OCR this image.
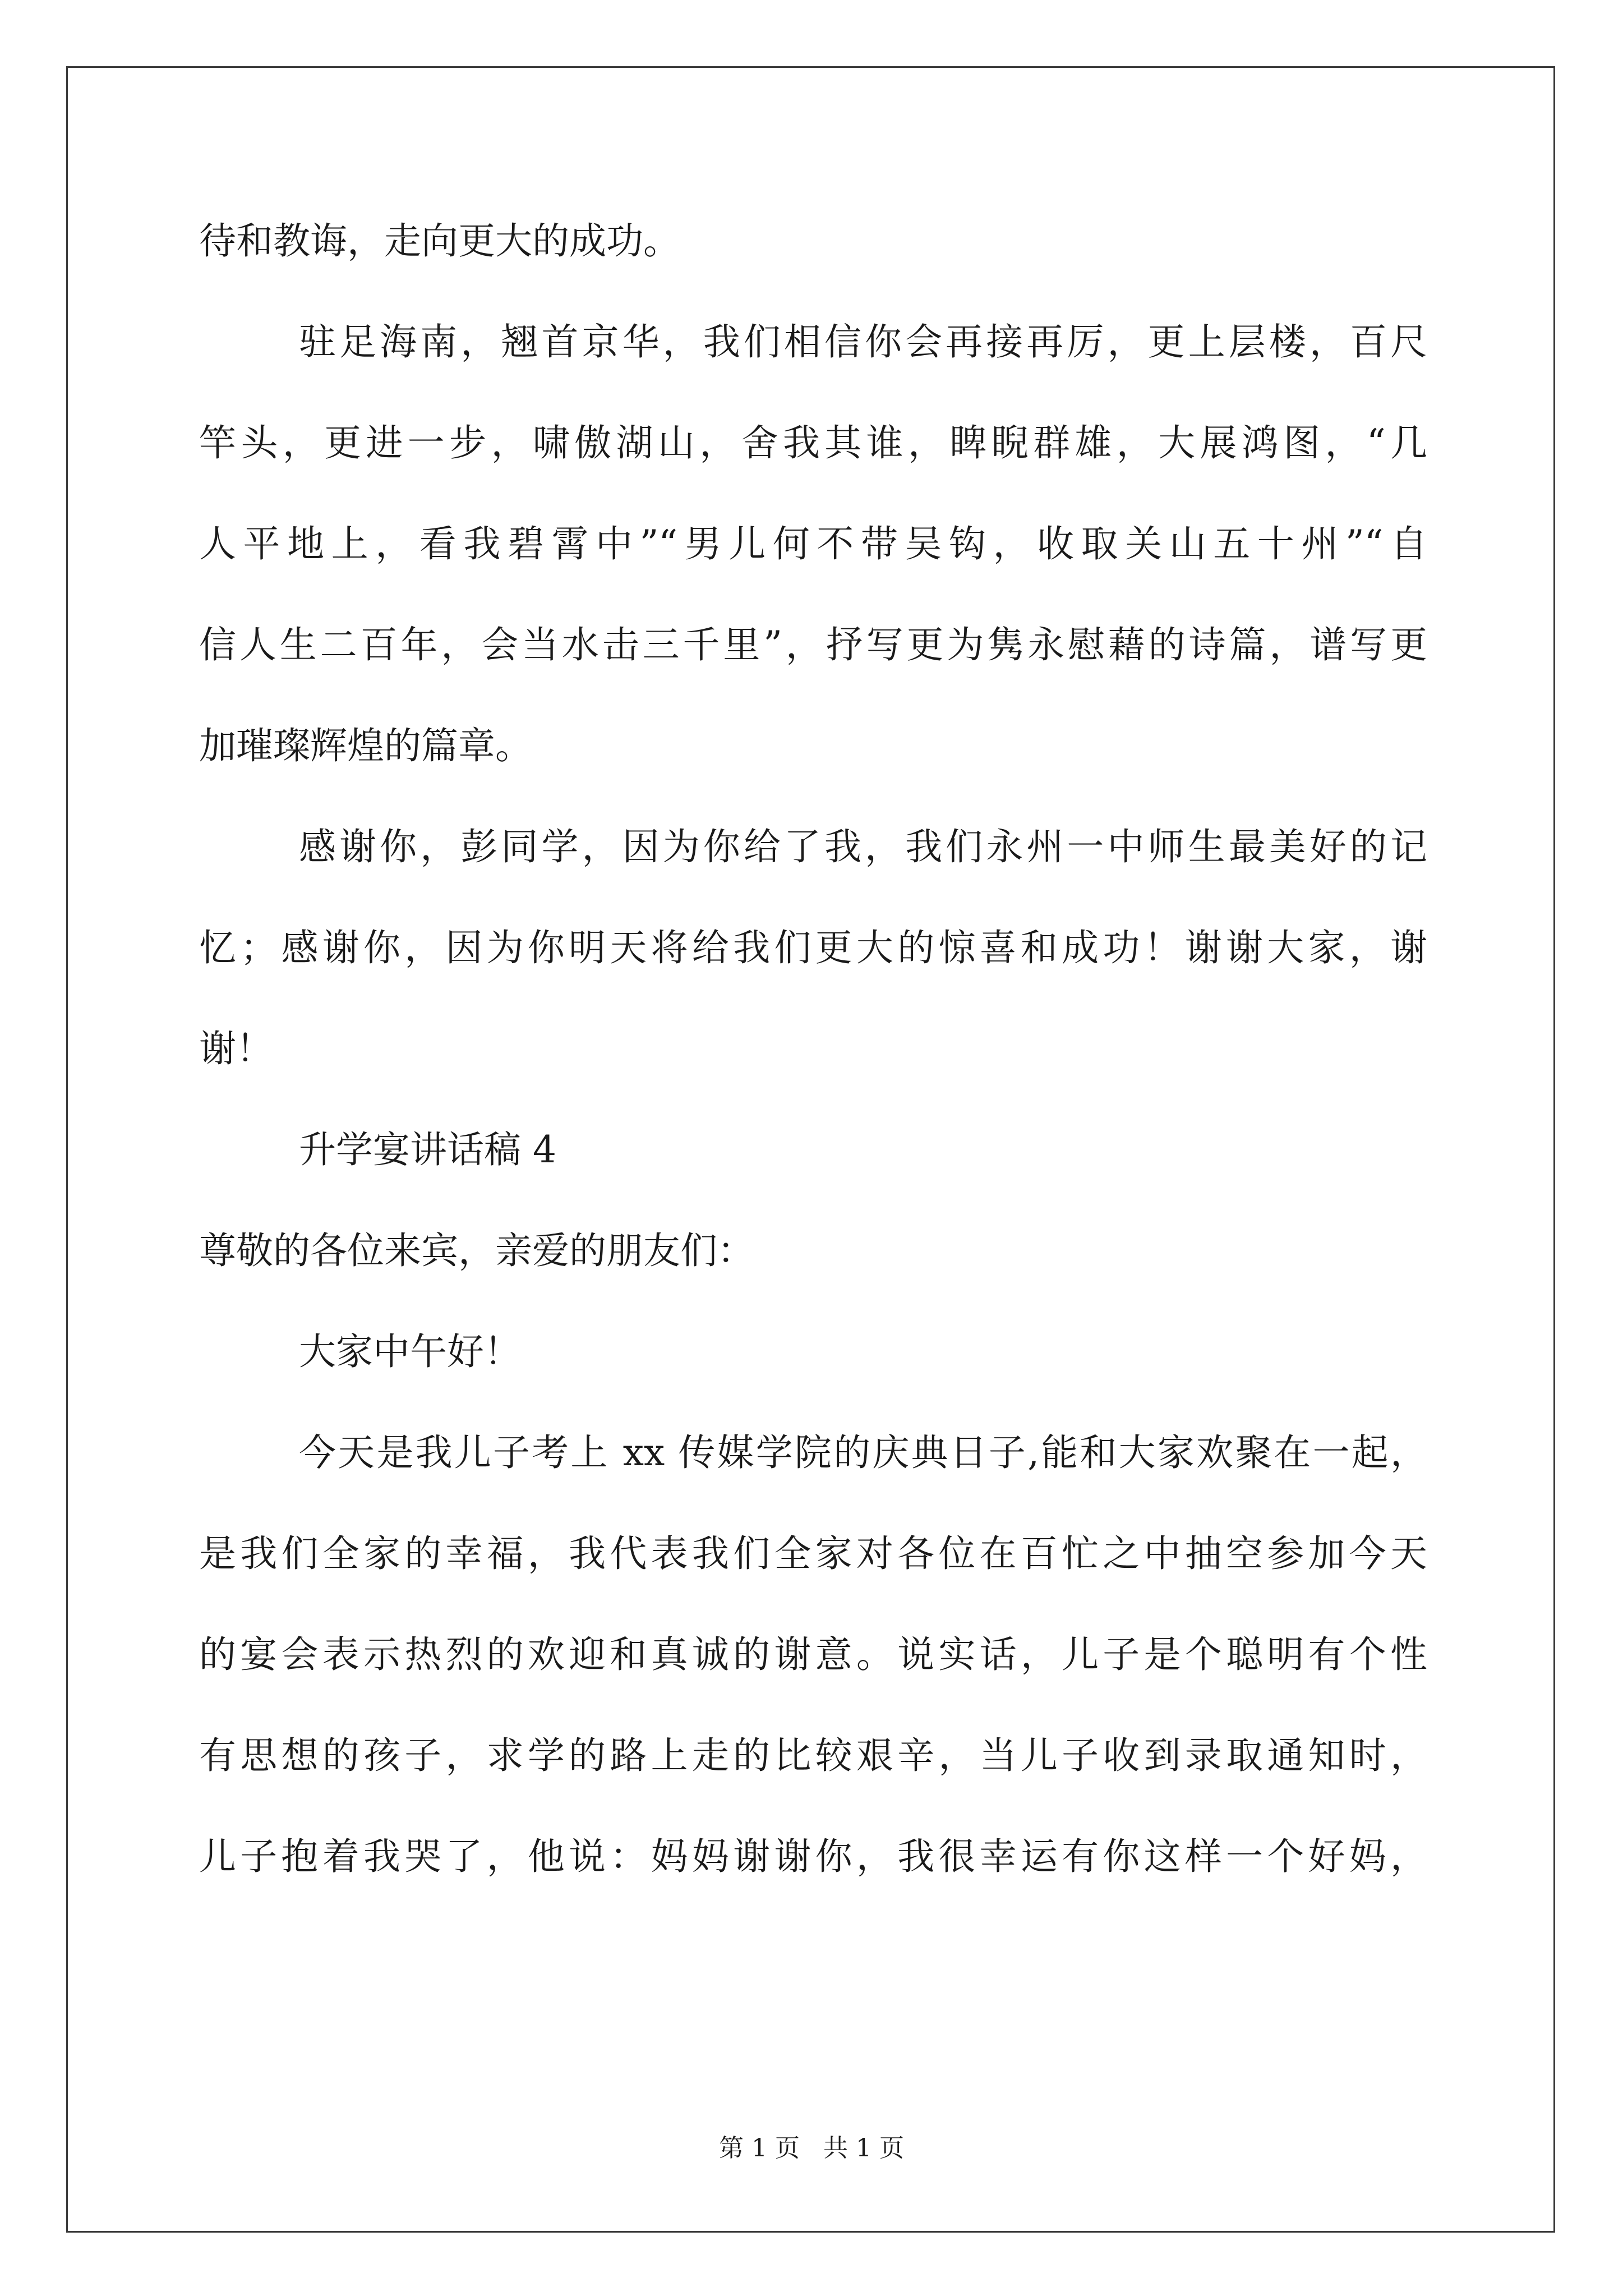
待和教诲，走向更大的成功。
驻足海南，翘首京华，我们相信你会再接再厉，更上层楼，百尺
竿头，更进一步，啸傲湖山，舍我其谁，睥睨群雄，大展鸿图，“几
人平地上，看我碧霄中”“男儿何不带吴钩，收取关山五十州”“自
信人生二百年，会当水击三千里”，抒写更为隽永慰藉的诗篇，谱写更
加璀璨辉煌的篇章。
感谢你，彭同学，因为你给了我，我们永州一中师生最美好的记
忆；感谢你，因为你明天将给我们更大的惊喜和成功！谢谢大家，谢
谢！
升学宴讲话稿 4
尊敬的各位来宾，亲爱的朋友们：
大家中午好！
今天是我儿子考上 xx 传媒学院的庆典日子,能和大家欢聚在一起，
是我们全家的幸福，我代表我们全家对各位在百忙之中抽空参加今天
的宴会表示热烈的欢迎和真诚的谢意。说实话，儿子是个聪明有个性
有思想的孩子，求学的路上走的比较艰辛，当儿子收到录取通知时，
儿子抱着我哭了，他说：妈妈谢谢你，我很幸运有你这样一个好妈，
第 1 页   共 1 页
